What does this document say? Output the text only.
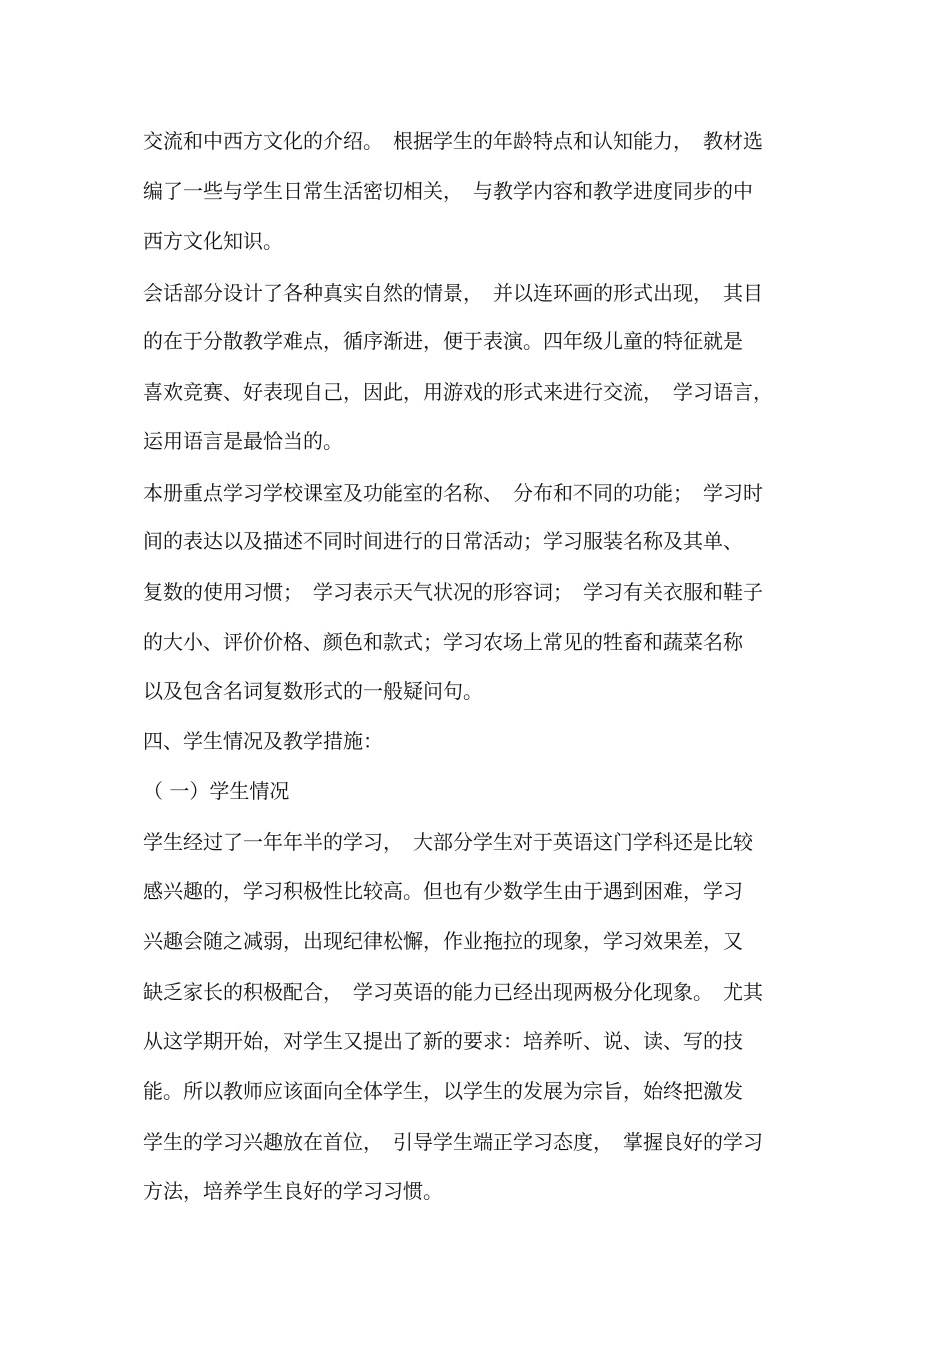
交流和中西方文化的介绍。　根据学生的年龄特点和认知能力，　教材选

编了一些与学生日常生活密切相关，　与教学内容和教学进度同步的中

西方文化知识。

会话部分设计了各种真实自然的情景，　并以连环画的形式出现，　其目

的在于分散教学难点，循序渐进，便于表演。四年级儿童的特征就是

喜欢竞赛、好表现自己，因此，用游戏的形式来进行交流，　学习语言，

运用语言是最恰当的。

本册重点学习学校课室及功能室的名称、　分布和不同的功能；　学习时

间的表达以及描述不同时间进行的日常活动；学习服装名称及其单、

复数的使用习惯；　学习表示天气状况的形容词；　学习有关衣服和鞋子

的大小、评价价格、颜色和款式；学习农场上常见的牲畜和蔬菜名称

以及包含名词复数形式的一般疑问句。

四、学生情况及教学措施：

（ 一）学生情况

学生经过了一年年半的学习，　大部分学生对于英语这门学科还是比较

感兴趣的，学习积极性比较高。但也有少数学生由于遇到困难，学习

兴趣会随之减弱，出现纪律松懈，作业拖拉的现象，学习效果差，又

缺乏家长的积极配合，　学习英语的能力已经出现两极分化现象。　尤其

从这学期开始，对学生又提出了新的要求：培养听、说、读、写的技

能。所以教师应该面向全体学生，以学生的发展为宗旨，始终把激发

学生的学习兴趣放在首位，　引导学生端正学习态度，　掌握良好的学习

方法，培养学生良好的学习习惯。
